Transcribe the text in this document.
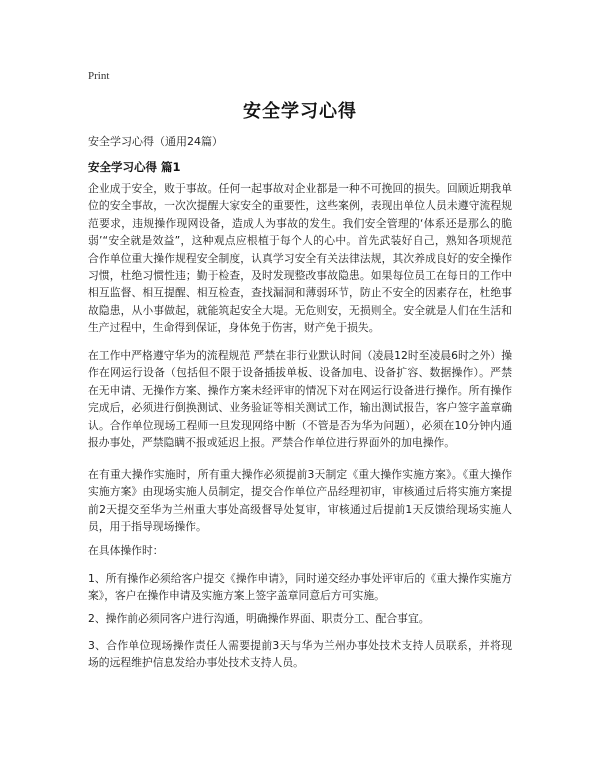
Print
安全学习心得
安全学习心得（通用24篇）
安全学习心得 篇1

企业成于安全，败于事故。任何一起事故对企业都是一种不可挽回的损失。回顾近期我单位的安全事故，一次次提醒大家安全的重要性，这些案例，表现出单位人员未遵守流程规范要求，违规操作现网设备，造成人为事故的发生。我们安全管理的‘体系还是那么的脆弱’“安全就是效益”，这种观点应根植于每个人的心中。首先武装好自己，熟知各项规范合作单位重大操作规程安全制度，认真学习安全有关法律法规，其次养成良好的安全操作习惯，杜绝习惯性违；勤于检查，及时发现整改事故隐患。如果每位员工在每日的工作中相互监督、相互提醒、相互检查，查找漏洞和薄弱环节，防止不安全的因素存在，杜绝事故隐患，从小事做起，就能筑起安全大堤。无危则安，无损则全。安全就是人们在生活和生产过程中，生命得到保证，身体免于伤害，财产免于损失。

在工作中严格遵守华为的流程规范 严禁在非行业默认时间（凌晨12时至凌晨6时之外）操作在网运行设备（包括但不限于设备插拔单板、设备加电、设备扩容、数据操作）。严禁在无申请、无操作方案、操作方案未经评审的情况下对在网运行设备进行操作。所有操作完成后，必须进行倒换测试、业务验证等相关测试工作，输出测试报告，客户签字盖章确认。合作单位现场工程师一旦发现网络中断（不管是否为华为问题），必须在10分钟内通报办事处，严禁隐瞒不报或延迟上报。严禁合作单位进行界面外的加电操作。

在有重大操作实施时，所有重大操作必须提前3天制定《重大操作实施方案》。《重大操作实施方案》由现场实施人员制定，提交合作单位产品经理初审，审核通过后将实施方案提前2天提交至华为兰州重大事处高级督导处复审，审核通过后提前1天反馈给现场实施人员，用于指导现场操作。

在具体操作时：

1、所有操作必须给客户提交《操作申请》，同时递交经办事处评审后的《重大操作实施方案》，客户在操作申请及实施方案上签字盖章同意后方可实施。

2、操作前必须同客户进行沟通，明确操作界面、职责分工、配合事宜。

3、合作单位现场操作责任人需要提前3天与华为兰州办事处技术支持人员联系，并将现场的远程维护信息发给办事处技术支持人员。
